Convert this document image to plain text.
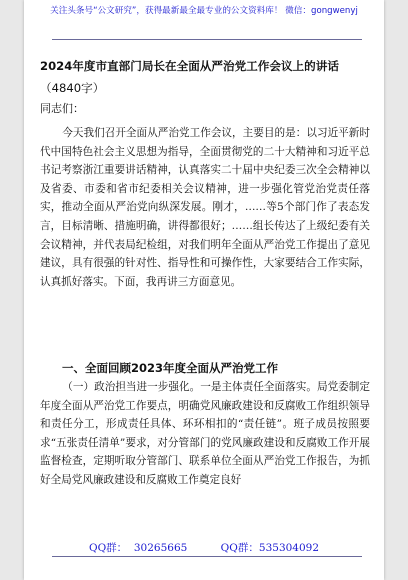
关注头条号“公文研究”，获得最新最全最专业的公文资料库！ 微信：gongwenyj
2024年度市直部门局长在全面从严治党工作会议上的讲话
（4840字）
同志们：
今天我们召开全面从严治党工作会议，主要目的是：以习近平新时代中国特色社会主义思想为指导，全面贯彻党的二十大精神和习近平总书记考察浙江重要讲话精神，认真落实二十届中央纪委三次全会精神以及省委、市委和省市纪委相关会议精神，进一步强化管党治党责任落实，推动全面从严治党向纵深发展。刚才，……等5个部门作了表态发言，目标清晰、措施明确，讲得都很好；……组长传达了上级纪委有关会议精神，并代表局纪检组，对我们明年全面从严治党工作提出了意见建议，具有很强的针对性、指导性和可操作性，大家要结合工作实际，认真抓好落实。下面，我再讲三方面意见。
一、全面回顾2023年度全面从严治党工作
（一）政治担当进一步强化。一是主体责任全面落实。局党委制定年度全面从严治党工作要点，明确党风廉政建设和反腐败工作组织领导和责任分工，形成责任具体、环环相扣的“责任链”。班子成员按照要求“五张责任清单”要求，对分管部门的党风廉政建设和反腐败工作开展监督检查，定期听取分管部门、联系单位全面从严治党工作报告，为抓好全局党风廉政建设和反腐败工作奠定良好
QQ群：  30265665          QQ群：535304092
